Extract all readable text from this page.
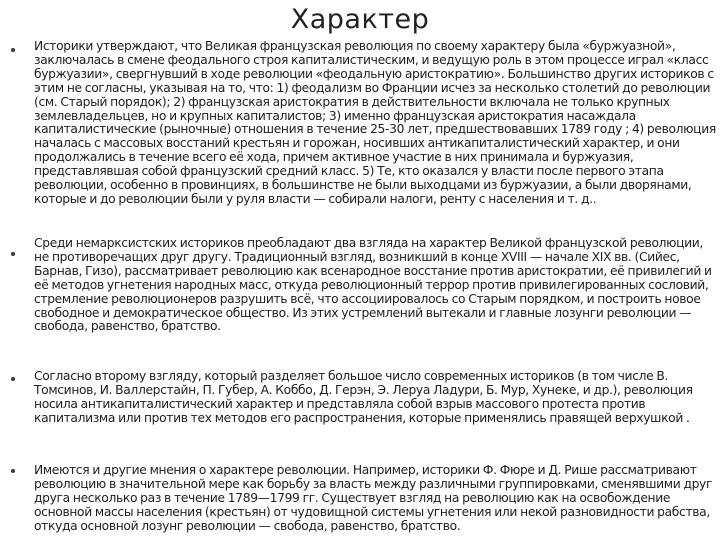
Характер
Историки утверждают, что Великая французская революция по своему характеру была «буржуазной», заключалась в смене феодального строя капиталистическим, и ведущую роль в этом процессе играл «класс буржуазии», свергнувший в ходе революции «феодальную аристократию». Большинство других историков с этим не согласны, указывая на то, что: 1) феодализм во Франции исчез за несколько столетий до революции (см. Старый порядок); 2) французская аристократия в действительности включала не только крупных землевладельцев, но и крупных капиталистов; 3) именно французская аристократия насаждала капиталистические (рыночные) отношения в течение 25-30 лет, предшествовавших 1789 году ; 4) революция началась с массовых восстаний крестьян и горожан, носивших антикапиталистический характер, и они продолжались в течение всего её хода, причем активное участие в них принимала и буржуазия, представлявшая собой французский средний класс. 5) Те, кто оказался у власти после первого этапа революции, особенно в провинциях, в большинстве не были выходцами из буржуазии, а были дворянами, которые и до революции были у руля власти — собирали налоги, ренту с населения и т. д..
Среди немарксистских историков преобладают два взгляда на характер Великой французской революции, не противоречащих друг другу. Традиционный взгляд, возникший в конце XVIII — начале XIX вв. (Сийес, Барнав, Гизо), рассматривает революцию как всенародное восстание против аристократии, её привилегий и её методов угнетения народных масс, откуда революционный террор против привилегированных сословий, стремление революционеров разрушить всё, что ассоциировалось со Старым порядком, и построить новое свободное и демократическое общество. Из этих устремлений вытекали и главные лозунги революции — свобода, равенство, братство.
Согласно второму взгляду, который разделяет большое число современных историков (в том числе В. Томсинов, И. Валлерстайн, П. Губер, А. Коббо, Д. Герэн, Э. Леруа Ладури, Б. Мур, Хунеке, и др.), революция носила антикапиталистический характер и представляла собой взрыв массового протеста против капитализма или против тех методов его распространения, которые применялись правящей верхушкой .
Имеются и другие мнения о характере революции. Например, историки Ф. Фюре и Д. Рише рассматривают революцию в значительной мере как борьбу за власть между различными группировками, сменявшими друг друга несколько раз в течение 1789—1799 гг. Существует взгляд на революцию как на освобождение основной массы населения (крестьян) от чудовищной системы угнетения или некой разновидности рабства, откуда основной лозунг революции — свобода, равенство, братство.
